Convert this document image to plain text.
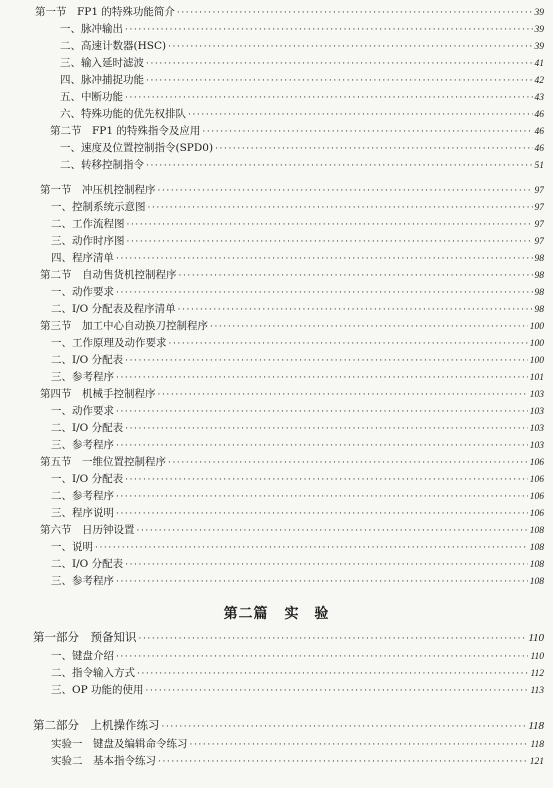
第一节　FP1 的特殊功能简介 ·····	39
一、脉冲输出 ·····	39
二、高速计数器(HSC) ·····	39
三、输入延时滤波 ·····	41
四、脉冲捕捉功能 ·····	42
五、中断功能 ·····	43
六、特殊功能的优先权排队 ·····	46
第二节　FP1 的特殊指令及应用 ·····	46
一、速度及位置控制指令(SPD0) ·····	46
二、转移控制指令 ·····	51
第一节　冲压机控制程序 ·····	97
一、控制系统示意图 ·····	97
二、工作流程图 ·····	97
三、动作时序图 ·····	97
四、程序清单 ·····	98
第二节　自动售货机控制程序 ·····	98
一、动作要求 ·····	98
二、I/O 分配表及程序清单 ·····	98
第三节　加工中心自动换刀控制程序 ·····	100
一、工作原理及动作要求 ·····	100
二、I/O 分配表 ·····	100
三、参考程序 ·····	101
第四节　机械手控制程序 ·····	103
一、动作要求 ·····	103
二、I/O 分配表 ·····	103
三、参考程序 ·····	103
第五节　一维位置控制程序 ·····	106
一、I/O 分配表 ·····	106
二、参考程序 ·····	106
三、程序说明 ·····	106
第六节　日历钟设置 ·····	108
一、说明 ·····	108
二、I/O 分配表 ·····	108
三、参考程序 ·····	108
第二篇 实　验
第一部分　预备知识 ·····	110
一、键盘介绍 ·····	110
二、指令输入方式 ·····	112
三、OP 功能的使用 ·····	113
第二部分　上机操作练习 ·····	118
实验一　键盘及编辑命令练习 ·····	118
实验二　基本指令练习 ·····	121
